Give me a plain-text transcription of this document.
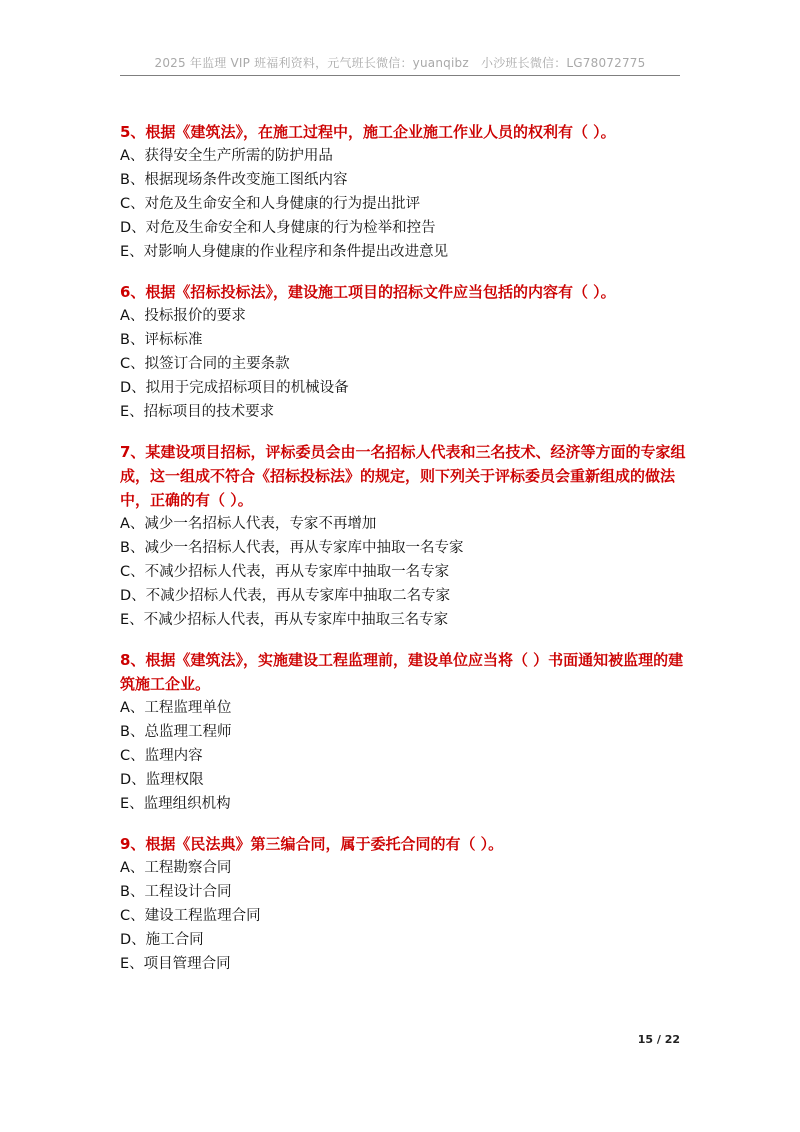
2025 年监理 VIP 班福利资料，元气班长微信：yuanqibz　小沙班长微信：LG78072775

5、根据《建筑法》，在施工过程中，施工企业施工作业人员的权利有（ ）。

A、获得安全生产所需的防护用品

B、根据现场条件改变施工图纸内容

C、对危及生命安全和人身健康的行为提出批评

D、对危及生命安全和人身健康的行为检举和控告

E、对影响人身健康的作业程序和条件提出改进意见

6、根据《招标投标法》，建设施工项目的招标文件应当包括的内容有（ ）。

A、投标报价的要求

B、评标标准

C、拟签订合同的主要条款

D、拟用于完成招标项目的机械设备

E、招标项目的技术要求

7、某建设项目招标，评标委员会由一名招标人代表和三名技术、经济等方面的专家组成，这一组成不符合《招标投标法》的规定，则下列关于评标委员会重新组成的做法中，正确的有（ ）。

A、减少一名招标人代表，专家不再增加

B、减少一名招标人代表，再从专家库中抽取一名专家

C、不减少招标人代表，再从专家库中抽取一名专家

D、不减少招标人代表，再从专家库中抽取二名专家

E、不减少招标人代表，再从专家库中抽取三名专家

8、根据《建筑法》，实施建设工程监理前，建设单位应当将（ ）书面通知被监理的建筑施工企业。

A、工程监理单位

B、总监理工程师

C、监理内容

D、监理权限

E、监理组织机构

9、根据《民法典》第三编合同，属于委托合同的有（ ）。

A、工程勘察合同

B、工程设计合同

C、建设工程监理合同

D、施工合同

E、项目管理合同

15 / 22
